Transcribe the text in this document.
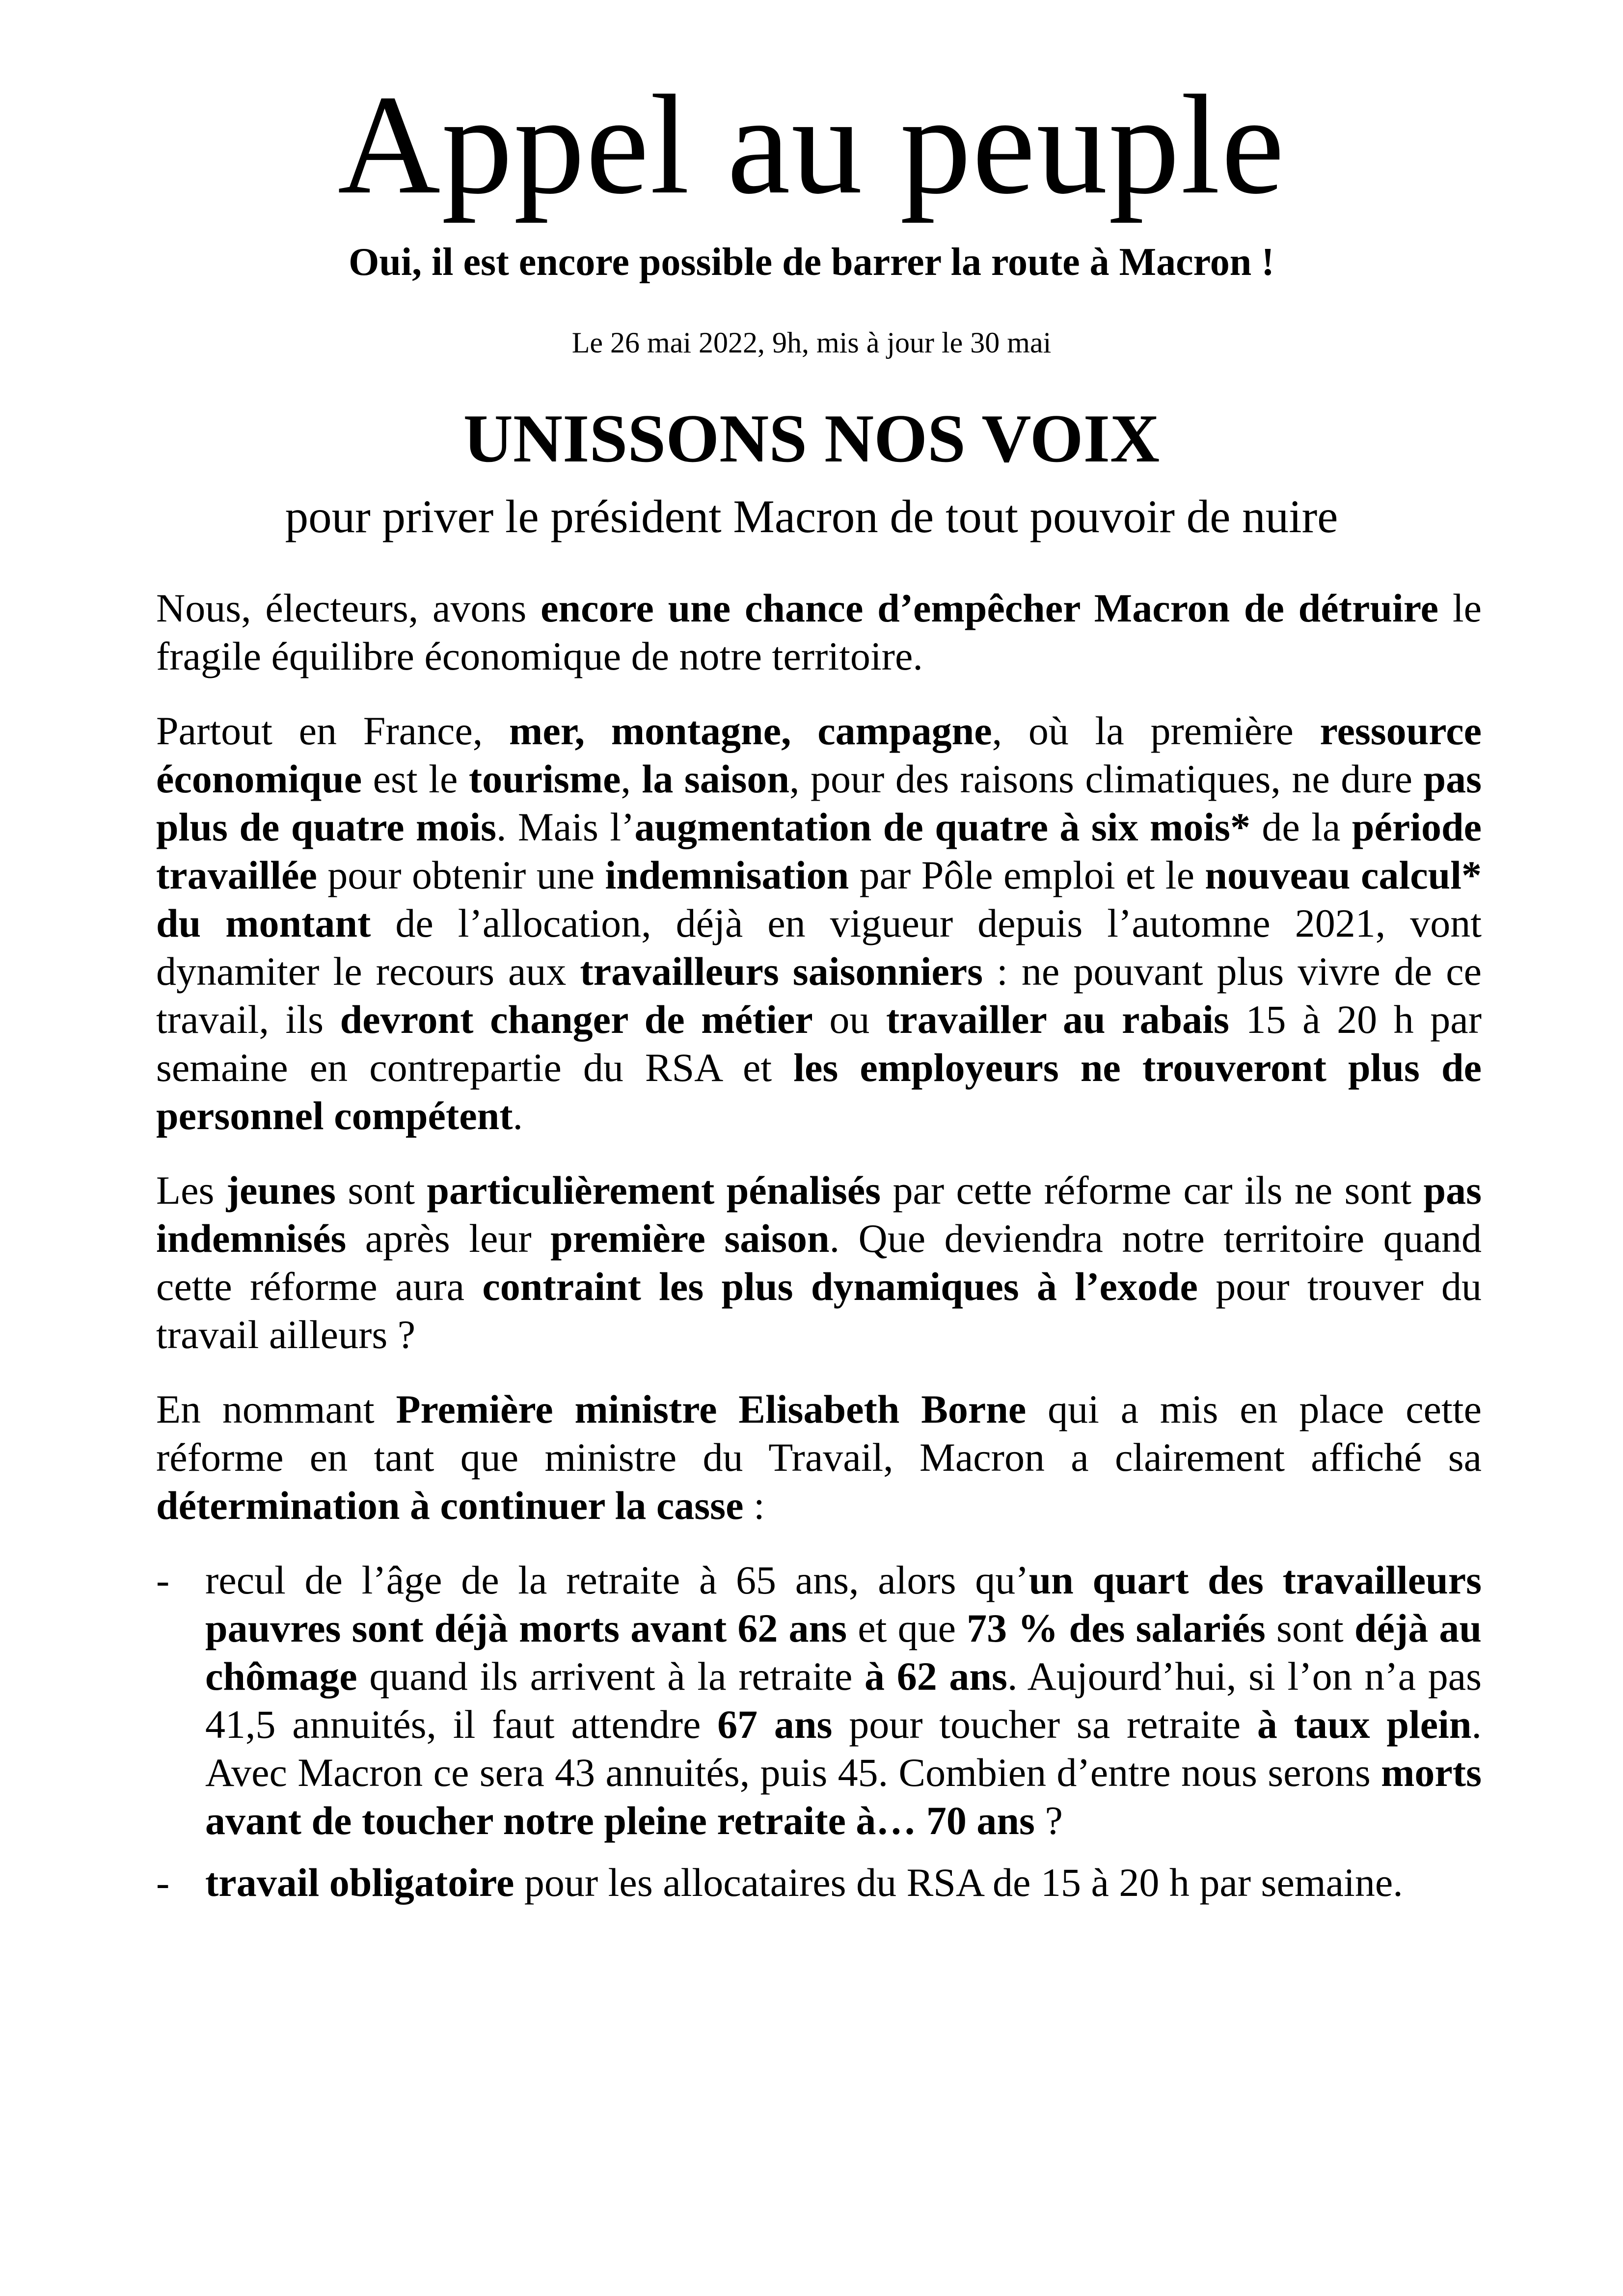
Appel au peuple
Oui, il est encore possible de barrer la route à Macron !
Le 26 mai 2022, 9h, mis à jour le 30 mai
UNISSONS NOS VOIX
pour priver le président Macron de tout pouvoir de nuire

Nous, électeurs, avons encore une chance d’empêcher Macron de détruire le fragile équilibre économique de notre territoire.

Partout en France, mer, montagne, campagne, où la première ressource économique est le tourisme, la saison, pour des raisons climatiques, ne dure pas plus de quatre mois. Mais l’augmentation de quatre à six mois* de la période travaillée pour obtenir une indemnisation par Pôle emploi et le nouveau calcul* du montant de l’allocation, déjà en vigueur depuis l’automne 2021, vont dynamiter le recours aux travailleurs saisonniers : ne pouvant plus vivre de ce travail, ils devront changer de métier ou travailler au rabais 15 à 20 h par semaine en contrepartie du RSA et les employeurs ne trouveront plus de personnel compétent.

Les jeunes sont particulièrement pénalisés par cette réforme car ils ne sont pas indemnisés après leur première saison. Que deviendra notre territoire quand cette réforme aura contraint les plus dynamiques à l’exode pour trouver du travail ailleurs ?

En nommant Première ministre Elisabeth Borne qui a mis en place cette réforme en tant que ministre du Travail, Macron a clairement affiché sa détermination à continuer la casse :

- recul de l’âge de la retraite à 65 ans, alors qu’un quart des travailleurs pauvres sont déjà morts avant 62 ans et que 73 % des salariés sont déjà au chômage quand ils arrivent à la retraite à 62 ans. Aujourd’hui, si l’on n’a pas 41,5 annuités, il faut attendre 67 ans pour toucher sa retraite à taux plein. Avec Macron ce sera 43 annuités, puis 45. Combien d’entre nous serons morts avant de toucher notre pleine retraite à… 70 ans ?
- travail obligatoire pour les allocataires du RSA de 15 à 20 h par semaine.
